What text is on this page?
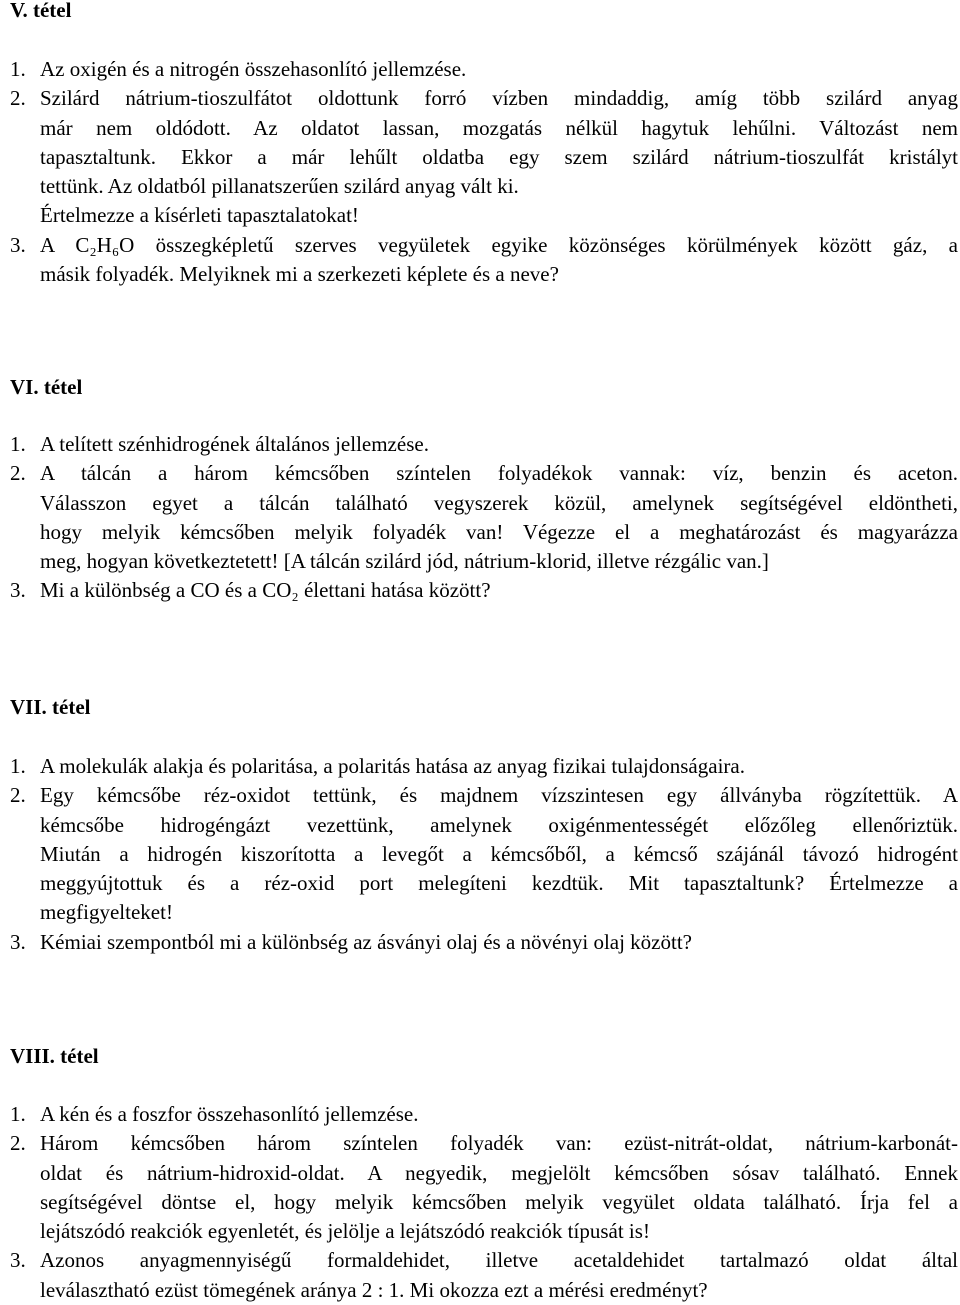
V. tétel

1. Az oxigén és a nitrogén összehasonlító jellemzése.
2. Szilárd nátrium-tioszulfátot oldottunk forró vízben mindaddig, amíg több szilárd anyag
már nem oldódott. Az oldatot lassan, mozgatás nélkül hagytuk lehűlni. Változást nem
tapasztaltunk. Ekkor a már lehűlt oldatba egy szem szilárd nátrium-tioszulfát kristályt
tettünk. Az oldatból pillanatszerűen szilárd anyag vált ki.
Értelmezze a kísérleti tapasztalatokat!
3. A C₂H₆O összegképletű szerves vegyületek egyike közönséges körülmények között gáz, a
másik folyadék. Melyiknek mi a szerkezeti képlete és a neve?

VI. tétel

1. A telített szénhidrogének általános jellemzése.
2. A tálcán a három kémcsőben színtelen folyadékok vannak: víz, benzin és aceton.
Válasszon egyet a tálcán található vegyszerek közül, amelynek segítségével eldöntheti,
hogy melyik kémcsőben melyik folyadék van! Végezze el a meghatározást és magyarázza
meg, hogyan következtetett! [A tálcán szilárd jód, nátrium-klorid, illetve rézgálic van.]
3. Mi a különbség a CO és a CO₂ élettani hatása között?

VII. tétel

1. A molekulák alakja és polaritása, a polaritás hatása az anyag fizikai tulajdonságaira.
2. Egy kémcsőbe réz-oxidot tettünk, és majdnem vízszintesen egy állványba rögzítettük. A
kémcsőbe hidrogéngázt vezettünk, amelynek oxigénmentességét előzőleg ellenőriztük.
Miután a hidrogén kiszorította a levegőt a kémcsőből, a kémcső szájánál távozó hidrogént
meggyújtottuk és a réz-oxid port melegíteni kezdtük. Mit tapasztaltunk? Értelmezze a
megfigyelteket!
3. Kémiai szempontból mi a különbség az ásványi olaj és a növényi olaj között?

VIII. tétel

1. A kén és a foszfor összehasonlító jellemzése.
2. Három kémcsőben három színtelen folyadék van: ezüst-nitrát-oldat, nátrium-karbonát-
oldat és nátrium-hidroxid-oldat. A negyedik, megjelölt kémcsőben sósav található. Ennek
segítségével döntse el, hogy melyik kémcsőben melyik vegyület oldata található. Írja fel a
lejátszódó reakciók egyenletét, és jelölje a lejátszódó reakciók típusát is!
3. Azonos anyagmennyiségű formaldehidet, illetve acetaldehidet tartalmazó oldat által
leválasztható ezüst tömegének aránya 2 : 1. Mi okozza ezt a mérési eredményt?
